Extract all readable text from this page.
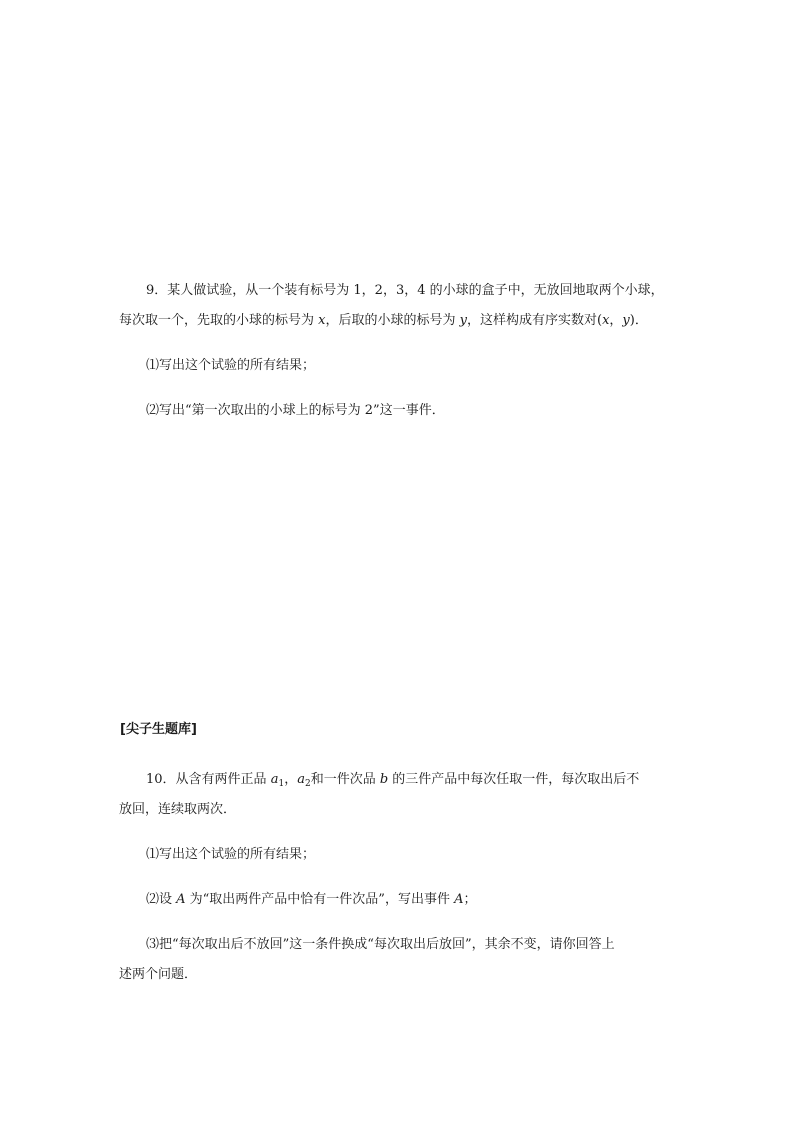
9．某人做试验，从一个装有标号为 1，2，3，4 的小球的盒子中，无放回地取两个小球，
每次取一个，先取的小球的标号为 x，后取的小球的标号为 y，这样构成有序实数对(x，y)．
⑴写出这个试验的所有结果；
⑵写出“第一次取出的小球上的标号为 2”这一事件．
[尖子生题库]
10．从含有两件正品 $a_1$，$a_2$和一件次品 b 的三件产品中每次任取一件，每次取出后不
放回，连续取两次．
⑴写出这个试验的所有结果；
⑵设 A 为“取出两件产品中恰有一件次品”，写出事件 A；
⑶把“每次取出后不放回”这一条件换成“每次取出后放回”，其余不变，请你回答上
述两个问题．
